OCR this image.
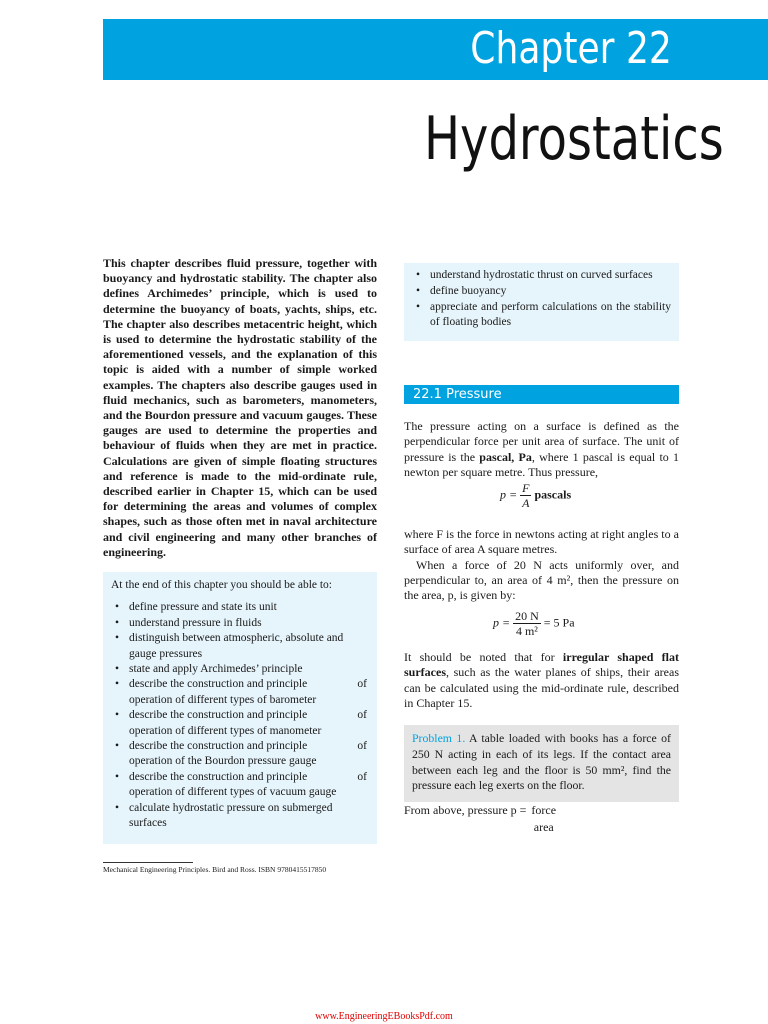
Chapter 22
Hydrostatics

This chapter describes fluid pressure, together with buoyancy and hydrostatic stability. The chapter also defines Archimedes’ principle, which is used to determine the buoyancy of boats, yachts, ships, etc. The chapter also describes metacentric height, which is used to determine the hydrostatic stability of the aforementioned vessels, and the explanation of this topic is aided with a number of simple worked examples. The chapters also describe gauges used in fluid mechanics, such as barometers, manometers, and the Bourdon pressure and vacuum gauges. These gauges are used to determine the properties and behaviour of fluids when they are met in practice. Calculations are given of simple floating structures and reference is made to the mid-ordinate rule, described earlier in Chapter 15, which can be used for determining the areas and volumes of complex shapes, such as those often met in naval architecture and civil engineering and many other branches of engineering.

At the end of this chapter you should be able to:

• define pressure and state its unit
• understand pressure in fluids
• distinguish between atmospheric, absolute and gauge pressures
• state and apply Archimedes’ principle
• describe the construction and principle	of
operation of different types of barometer
• describe the construction and principle	of
operation of different types of manometer
• describe the construction and principle	of
operation of the Bourdon pressure gauge
• describe the construction and principle	of
operation of different types of vacuum gauge
• calculate hydrostatic pressure on submerged surfaces
• understand hydrostatic thrust on curved surfaces
• define buoyancy
• appreciate and perform calculations on the stability of floating bodies
22.1 Pressure

The pressure acting on a surface is defined as the perpendicular force per unit area of surface. The unit of pressure is the pascal, Pa, where 1 pascal is equal to 1 newton per square metre. Thus pressure,

$p = \frac{F}{A}$ pascals

where F is the force in newtons acting at right angles to a surface of area A square metres.

When a force of 20 N acts uniformly over, and perpendicular to, an area of 4 m², then the pressure on the area, p, is given by:

$p = \frac{20 N}{\text{4 m²}} = 5$ Pa

It should be noted that for irregular shaped flat surfaces, such as the water planes of ships, their areas can be calculated using the mid-ordinate rule, described in Chapter 15.

Problem 1. A table loaded with books has a force of 250 N acting in each of its legs. If the contact area between each leg and the floor is 50 mm², find the pressure each leg exerts on the floor.
From above, pressure p = force
area
Mechanical Engineering Principles. Bird and Ross. ISBN 9780415517850
www.EngineeringEBooksPdf.com
